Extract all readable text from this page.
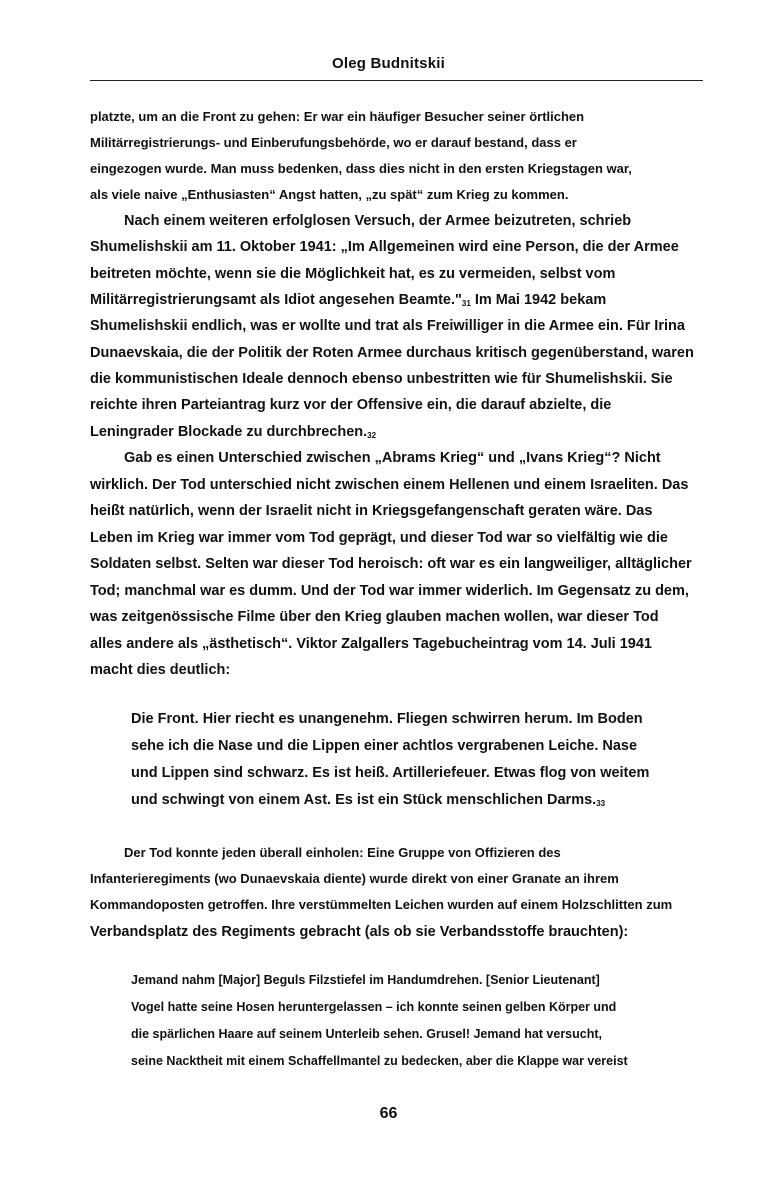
Oleg Budnitskii
platzte, um an die Front zu gehen: Er war ein häufiger Besucher seiner örtlichen
Militärregistrierungs- und Einberufungsbehörde, wo er darauf bestand, dass er
eingezogen wurde. Man muss bedenken, dass dies nicht in den ersten Kriegstagen war,
als viele naive „Enthusiasten“ Angst hatten, „zu spät“ zum Krieg zu kommen.
Nach einem weiteren erfolglosen Versuch, der Armee beizutreten, schrieb
Shumelishskii am 11. Oktober 1941: „Im Allgemeinen wird eine Person, die der Armee
beitreten möchte, wenn sie die Möglichkeit hat, es zu vermeiden, selbst vom
Militärregistrierungsamt als Idiot angesehen $Beamte."_{31}$ Im Mai 1942 bekam
Shumelishskii endlich, was er wollte und trat als Freiwilliger in die Armee ein. Für Irina
Dunaevskaia, die der Politik der Roten Armee durchaus kritisch gegenüberstand, waren
die kommunistischen Ideale dennoch ebenso unbestritten wie für Shumelishskii. Sie
reichte ihren Parteiantrag kurz vor der Offensive ein, die darauf abzielte, die
Leningrader Blockade zu $durchbrechen._{32}$
Gab es einen Unterschied zwischen „Abrams Krieg“ und „Ivans Krieg“? Nicht
wirklich. Der Tod unterschied nicht zwischen einem Hellenen und einem Israeliten. Das
heißt natürlich, wenn der Israelit nicht in Kriegsgefangenschaft geraten wäre. Das
Leben im Krieg war immer vom Tod geprägt, und dieser Tod war so vielfältig wie die
Soldaten selbst. Selten war dieser Tod heroisch: oft war es ein langweiliger, alltäglicher
Tod; manchmal war es dumm. Und der Tod war immer widerlich. Im Gegensatz zu dem,
was zeitgenössische Filme über den Krieg glauben machen wollen, war dieser Tod
alles andere als „ästhetisch“. Viktor Zalgallers Tagebucheintrag vom 14. Juli 1941
macht dies deutlich:
Die Front. Hier riecht es unangenehm. Fliegen schwirren herum. Im Boden
sehe ich die Nase und die Lippen einer achtlos vergrabenen Leiche. Nase
und Lippen sind schwarz. Es ist heiß. Artilleriefeuer. Etwas flog von weitem
und schwingt von einem Ast. Es ist ein Stück menschlichen $Darms._{33}$
Der Tod konnte jeden überall einholen: Eine Gruppe von Offizieren des
Infanterieregiments (wo Dunaevskaia diente) wurde direkt von einer Granate an ihrem
Kommandoposten getroffen. Ihre verstümmelten Leichen wurden auf einem Holzschlitten zum
Verbandsplatz des Regiments gebracht (als ob sie Verbandsstoffe brauchten):
Jemand nahm [Major] Beguls Filzstiefel im Handumdrehen. [Senior Lieutenant]
Vogel hatte seine Hosen heruntergelassen – ich konnte seinen gelben Körper und
die spärlichen Haare auf seinem Unterleib sehen. Grusel! Jemand hat versucht,
seine Nacktheit mit einem Schaffellmantel zu bedecken, aber die Klappe war vereist
66
